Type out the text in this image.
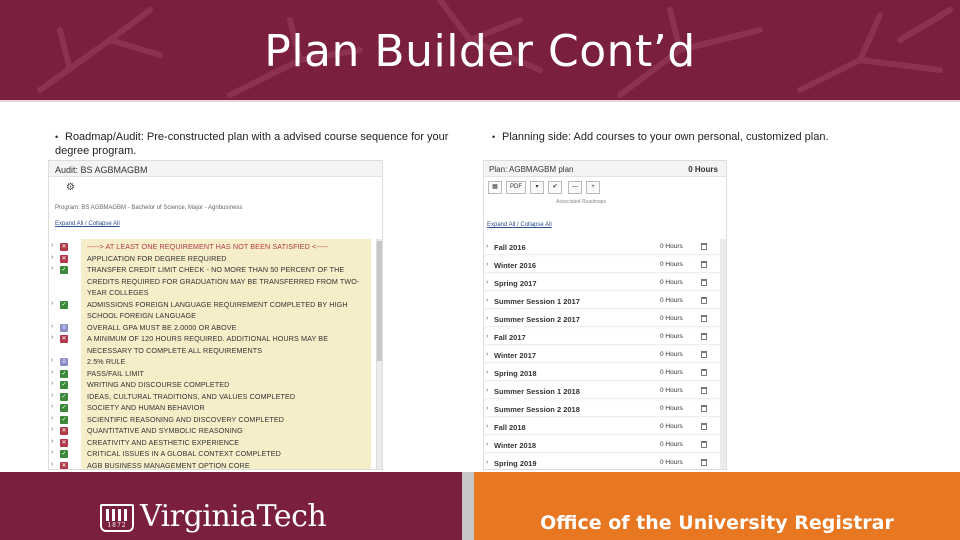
Plan Builder Cont’d
• Roadmap/Audit: Pre-constructed plan with a advised course sequence for your degree program.
• Planning side: Add courses to your own personal, customized plan.
Audit: BS AGBMAGBM
⚙
Program: BS AGBMAGBM - Bachelor of Science, Major - Agribusiness
Expand All / Collapse All
› ✕	-----> AT LEAST ONE REQUIREMENT HAS NOT BEEN SATISFIED <-----
› ✕	APPLICATION FOR DEGREE REQUIRED
› ✓	TRANSFER CREDIT LIMIT CHECK - NO MORE THAN 50 PERCENT OF THE
CREDITS REQUIRED FOR GRADUATION MAY BE TRANSFERRED FROM TWO-
YEAR COLLEGES
› ✓	ADMISSIONS FOREIGN LANGUAGE REQUIREMENT COMPLETED BY HIGH
SCHOOL FOREIGN LANGUAGE
›	≡	OVERALL GPA MUST BE 2.0000 OR ABOVE
› ✕	A MINIMUM OF 120 HOURS REQUIRED. ADDITIONAL HOURS MAY BE
NECESSARY TO COMPLETE ALL REQUIREMENTS
›	≡	2.5% RULE
› ✓	PASS/FAIL LIMIT
› ✓	WRITING AND DISCOURSE COMPLETED
› ✓	IDEAS, CULTURAL TRADITIONS, AND VALUES COMPLETED
› ✓	SOCIETY AND HUMAN BEHAVIOR
› ✓	SCIENTIFIC REASONING AND DISCOVERY COMPLETED
› ✕	QUANTITATIVE AND SYMBOLIC REASONING
› ✕	CREATIVITY AND AESTHETIC EXPERIENCE
› ✓	CRITICAL ISSUES IN A GLOBAL CONTEXT COMPLETED
› ✕	AGB BUSINESS MANAGEMENT OPTION CORE
Plan: AGBMAGBM plan	0 Hours
▦	PDF	▾	✔	—	+
Associated Roadmaps
Expand All / Collapse All
› Fall 2016	0 Hours
› Winter 2016	0 Hours
› Spring 2017	0 Hours
› Summer Session 1 2017	0 Hours
› Summer Session 2 2017	0 Hours
› Fall 2017	0 Hours
› Winter 2017	0 Hours
› Spring 2018	0 Hours
› Summer Session 1 2018	0 Hours
› Summer Session 2 2018	0 Hours
› Fall 2018	0 Hours
› Winter 2018	0 Hours
› Spring 2019	0 Hours
1872 VirginiaTech	Office of the University Registrar
